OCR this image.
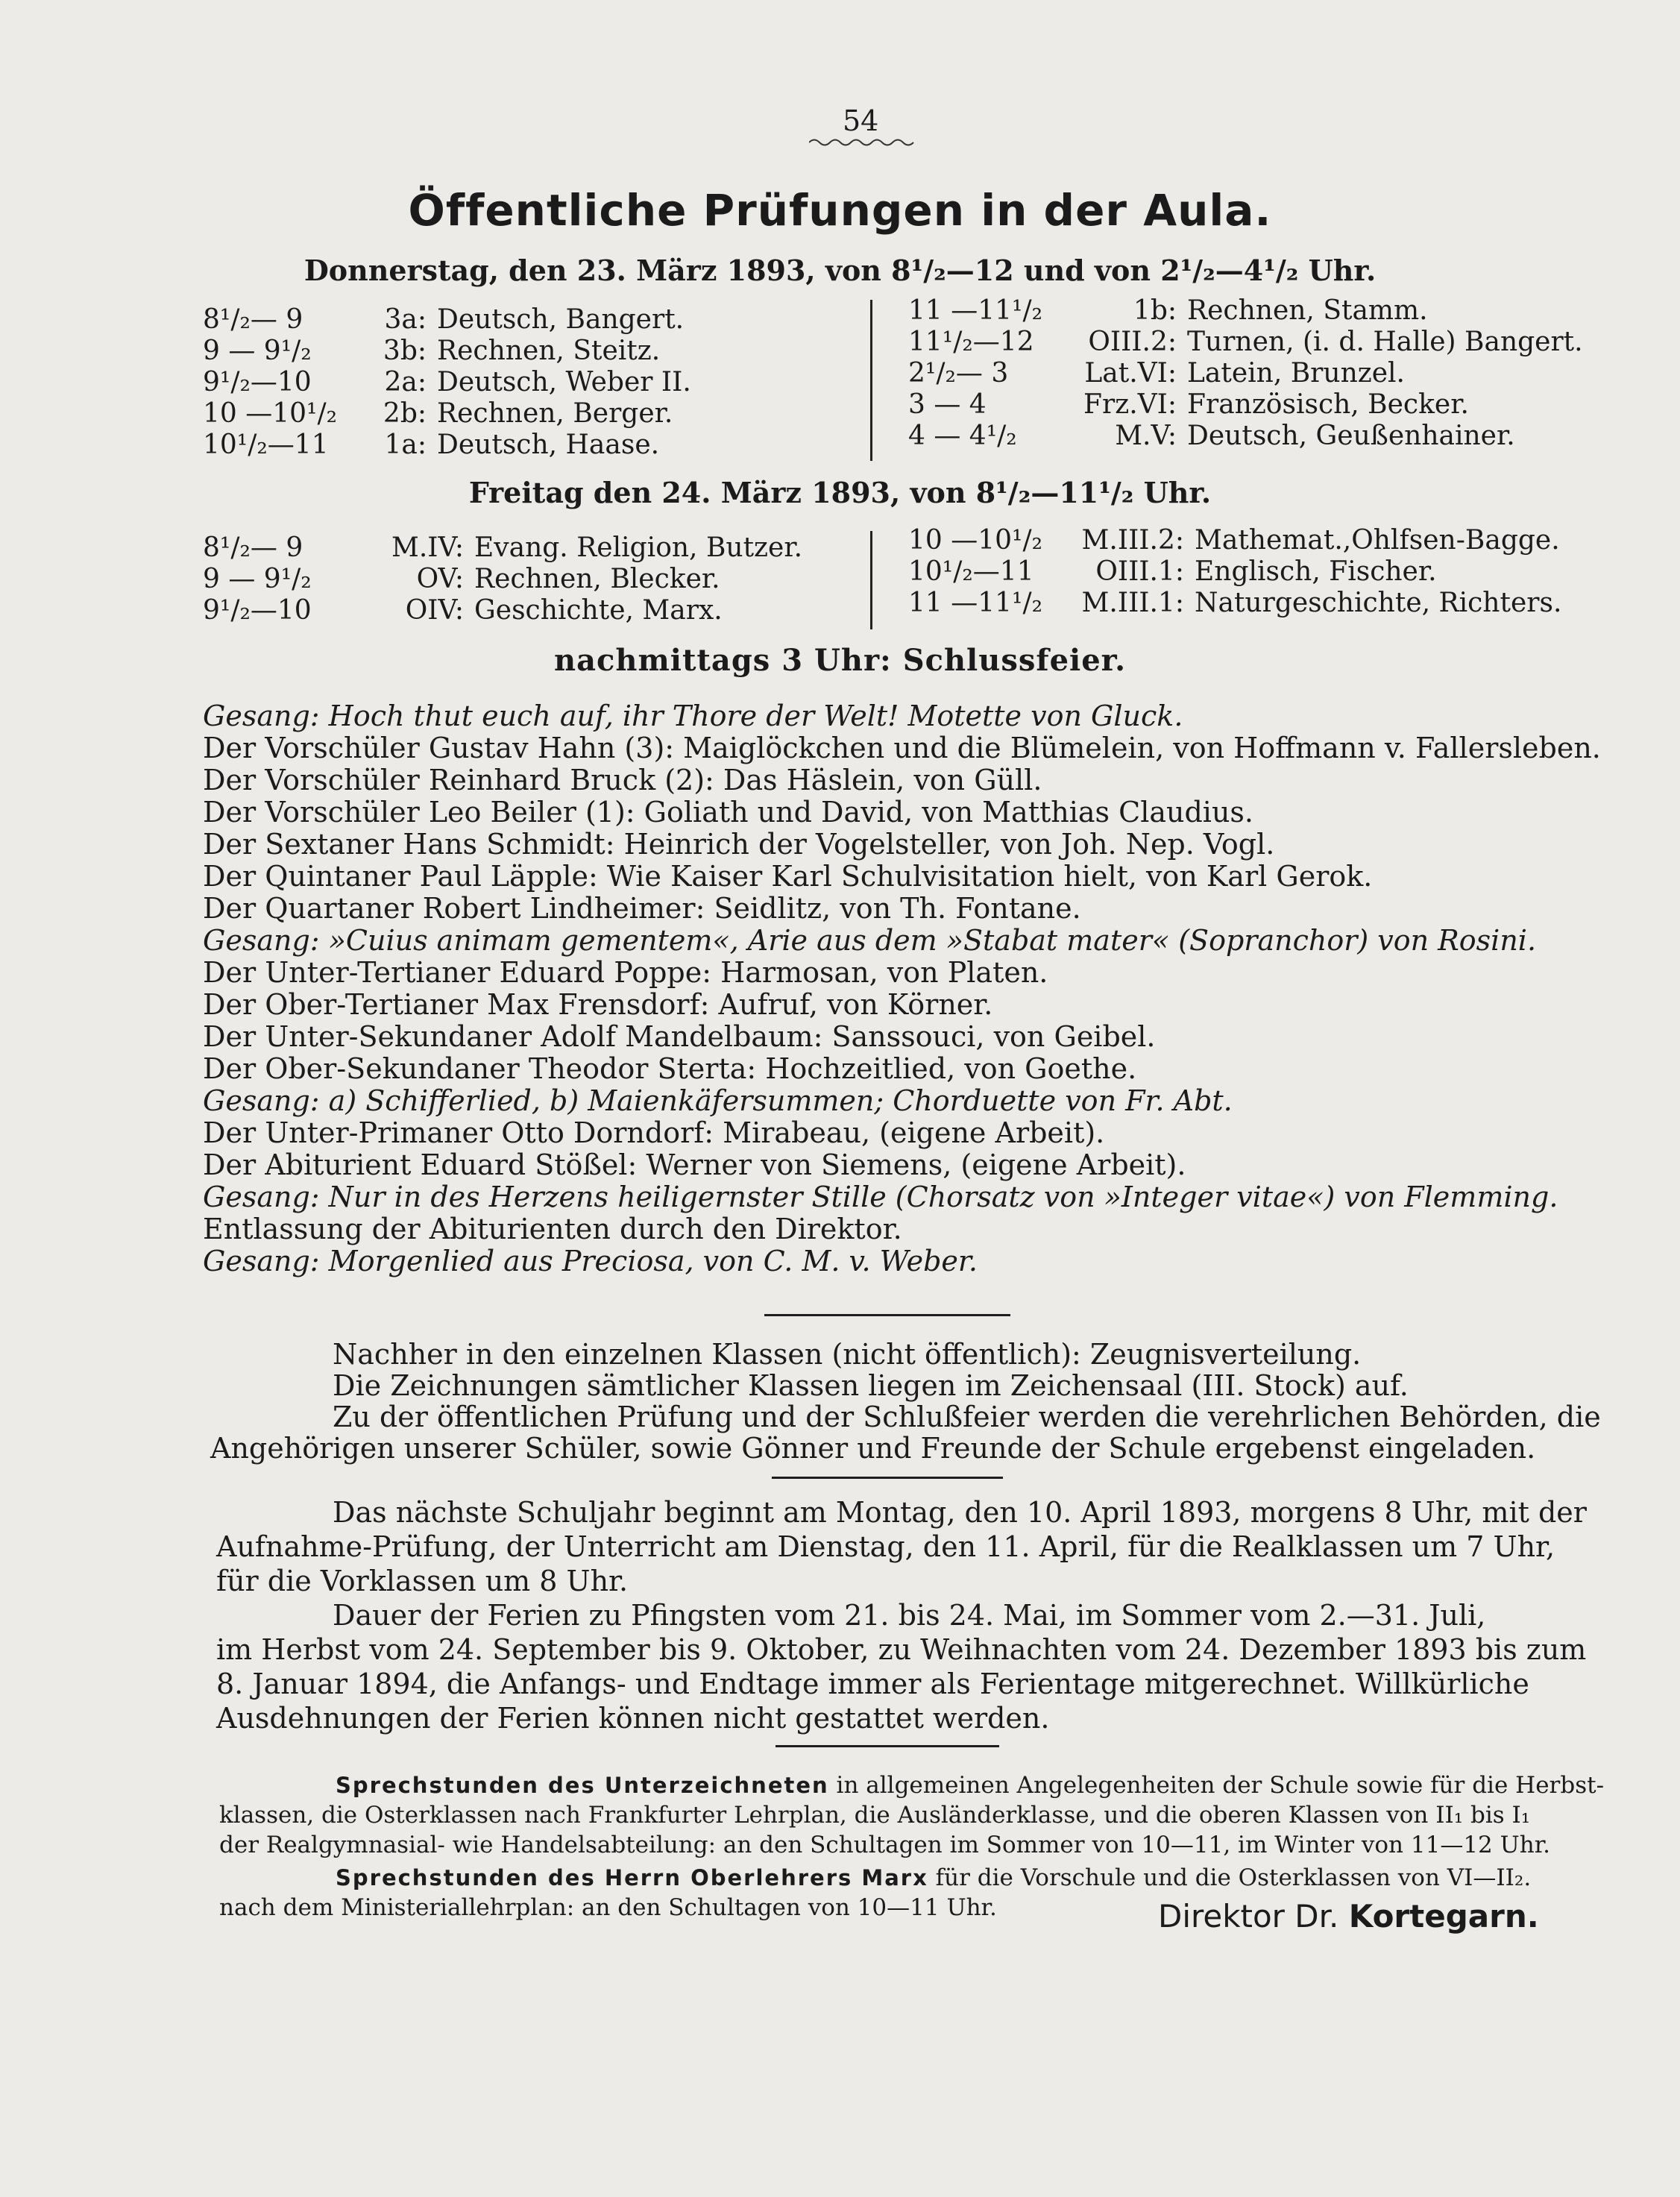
54
Öffentliche Prüfungen in der Aula.
Donnerstag, den 23. März 1893, von 8¹/₂—12 und von 2¹/₂—4¹/₂ Uhr.
8¹/₂— 9	3a: Deutsch, Bangert.
9 — 9¹/₂	3b: Rechnen, Steitz.
9¹/₂—10	2a: Deutsch, Weber II.
10 —10¹/₂ 2b: Rechnen, Berger.
10¹/₂—11 1a: Deutsch, Haase.
11 —11¹/₂	1b: Rechnen, Stamm.
11¹/₂—12 OIII.2: Turnen, (i. d. Halle) Bangert.
2¹/₂— 3	Lat.VI: Latein, Brunzel.
3 — 4	Frz.VI: Französisch, Becker.
4 — 4¹/₂	M.V: Deutsch, Geußenhainer.
Freitag den 24. März 1893, von 8¹/₂—11¹/₂ Uhr.
8¹/₂— 9	M.IV: Evang. Religion, Butzer.
9 — 9¹/₂	OV: Rechnen, Blecker.
9¹/₂—10	OIV: Geschichte, Marx.
10 —10¹/₂ M.III.2: Mathemat.,Ohlfsen-Bagge.
10¹/₂—11 OIII.1: Englisch, Fischer.
11 —11¹/₂ M.III.1: Naturgeschichte, Richters.
nachmittags 3 Uhr: Schlussfeier.
Gesang: Hoch thut euch auf, ihr Thore der Welt! Motette von Gluck.
Der Vorschüler Gustav Hahn (3): Maiglöckchen und die Blümelein, von Hoffmann v. Fallersleben.
Der Vorschüler Reinhard Bruck (2): Das Häslein, von Güll.
Der Vorschüler Leo Beiler (1): Goliath und David, von Matthias Claudius.
Der Sextaner Hans Schmidt: Heinrich der Vogelsteller, von Joh. Nep. Vogl.
Der Quintaner Paul Läpple: Wie Kaiser Karl Schulvisitation hielt, von Karl Gerok.
Der Quartaner Robert Lindheimer: Seidlitz, von Th. Fontane.
Gesang: »Cuius animam gementem«, Arie aus dem »Stabat mater« (Sopranchor) von Rosini.
Der Unter-Tertianer Eduard Poppe: Harmosan, von Platen.
Der Ober-Tertianer Max Frensdorf: Aufruf, von Körner.
Der Unter-Sekundaner Adolf Mandelbaum: Sanssouci, von Geibel.
Der Ober-Sekundaner Theodor Sterta: Hochzeitlied, von Goethe.
Gesang: a) Schifferlied, b) Maienkäfersummen; Chorduette von Fr. Abt.
Der Unter-Primaner Otto Dorndorf: Mirabeau, (eigene Arbeit).
Der Abiturient Eduard Stößel: Werner von Siemens, (eigene Arbeit).
Gesang: Nur in des Herzens heiligernster Stille (Chorsatz von »Integer vitae«) von Flemming.
Entlassung der Abiturienten durch den Direktor.
Gesang: Morgenlied aus Preciosa, von C. M. v. Weber.
Nachher in den einzelnen Klassen (nicht öffentlich): Zeugnisverteilung.
Die Zeichnungen sämtlicher Klassen liegen im Zeichensaal (III. Stock) auf.
Zu der öffentlichen Prüfung und der Schlußfeier werden die verehrlichen Behörden, die
Angehörigen unserer Schüler, sowie Gönner und Freunde der Schule ergebenst eingeladen.
Das nächste Schuljahr beginnt am Montag, den 10. April 1893, morgens 8 Uhr, mit der
Aufnahme-Prüfung, der Unterricht am Dienstag, den 11. April, für die Realklassen um 7 Uhr,
für die Vorklassen um 8 Uhr.
Dauer der Ferien zu Pfingsten vom 21. bis 24. Mai, im Sommer vom 2.—31. Juli,
im Herbst vom 24. September bis 9. Oktober, zu Weihnachten vom 24. Dezember 1893 bis zum
8. Januar 1894, die Anfangs- und Endtage immer als Ferientage mitgerechnet. Willkürliche
Ausdehnungen der Ferien können nicht gestattet werden.
Sprechstunden des Unterzeichneten in allgemeinen Angelegenheiten der Schule sowie für die Herbst-
klassen, die Osterklassen nach Frankfurter Lehrplan, die Ausländerklasse, und die oberen Klassen von II₁ bis I₁
der Realgymnasial- wie Handelsabteilung: an den Schultagen im Sommer von 10—11, im Winter von 11—12 Uhr.
Sprechstunden des Herrn Oberlehrers Marx für die Vorschule und die Osterklassen von VI—II₂.
nach dem Ministeriallehrplan: an den Schultagen von 10—11 Uhr.	Direktor Dr. Kortegarn.
